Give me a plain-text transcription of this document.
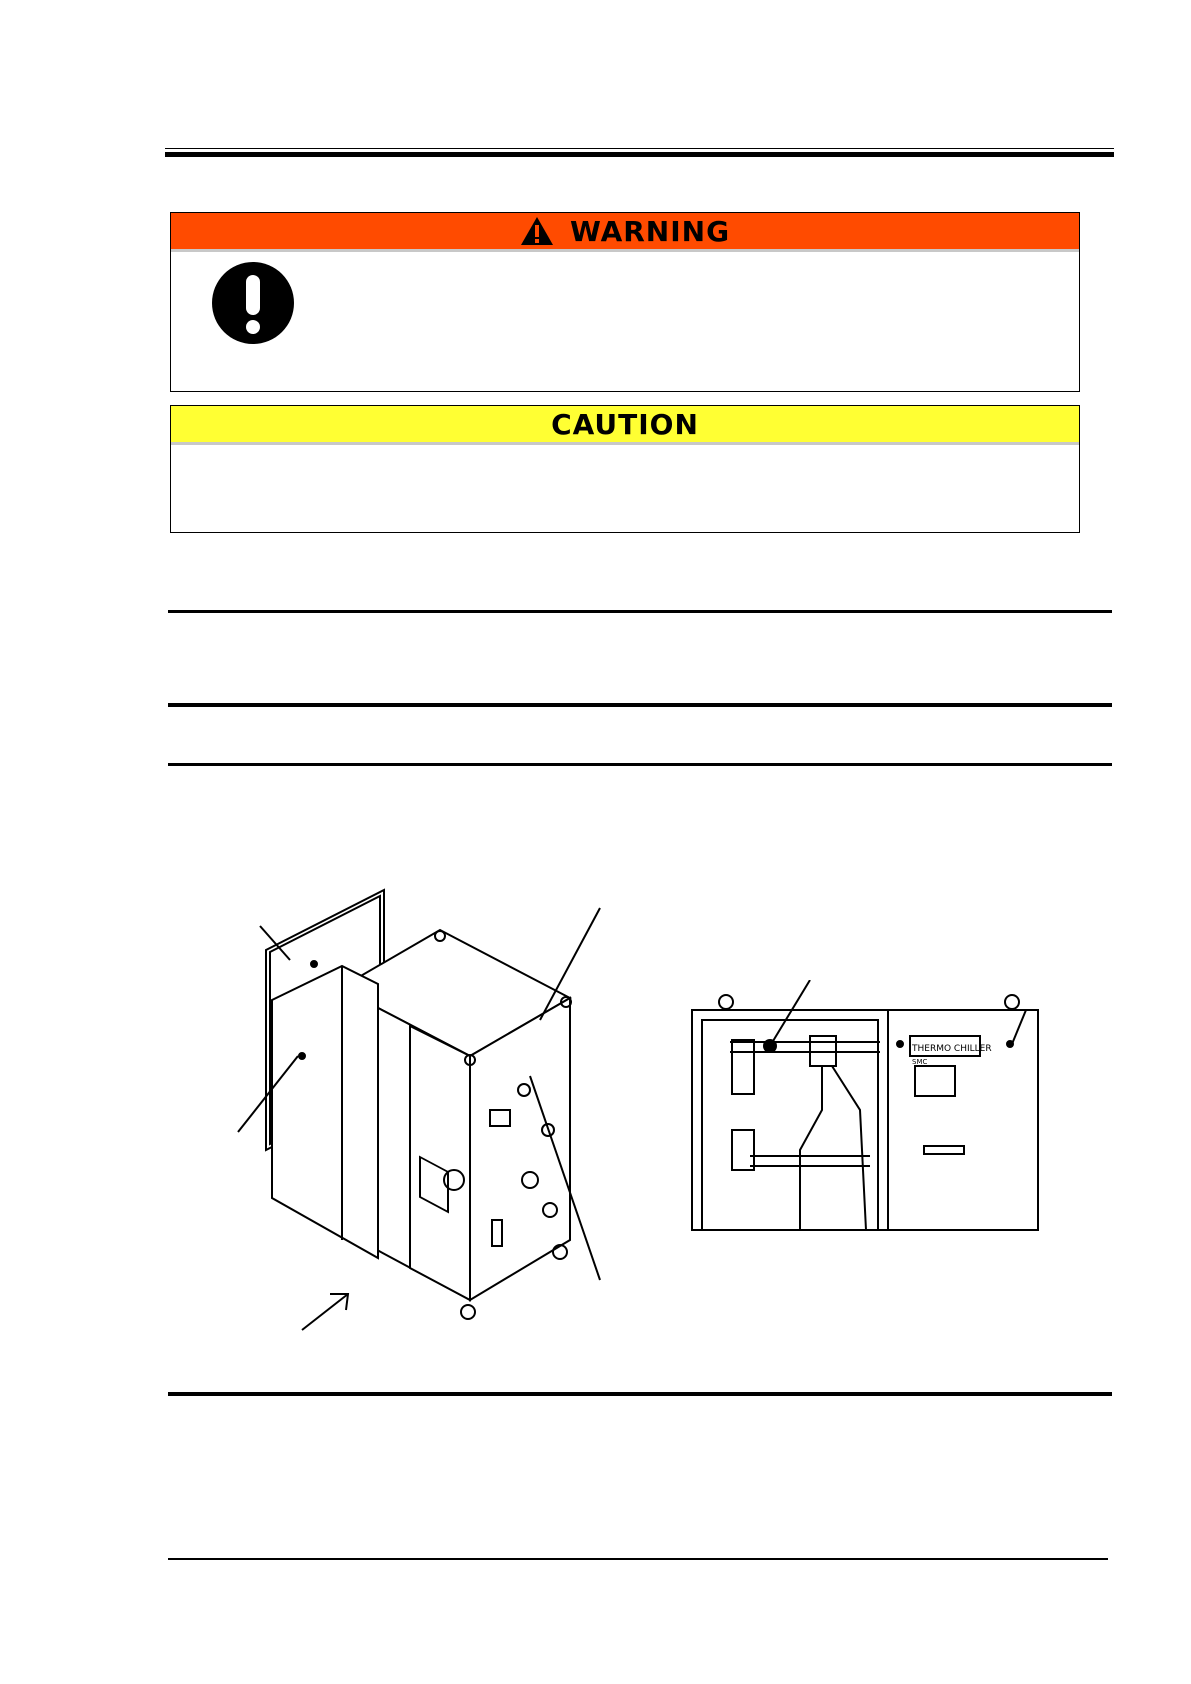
WARNING
CAUTION
THERMO CHILLER
SMC
